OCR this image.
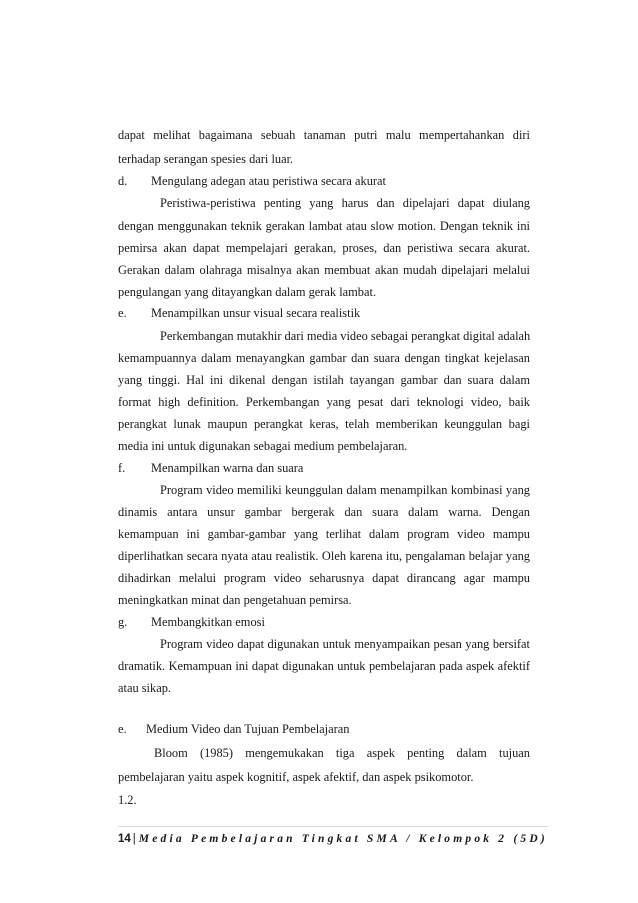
dapat melihat bagaimana sebuah tanaman putri malu mempertahankan diri
terhadap serangan spesies dari luar.
d. Mengulang adegan atau peristiwa secara akurat
Peristiwa-peristiwa penting yang harus dan dipelajari dapat diulang
dengan menggunakan teknik gerakan lambat atau slow motion. Dengan teknik ini
pemirsa akan dapat mempelajari gerakan, proses, dan peristiwa secara akurat.
Gerakan dalam olahraga misalnya akan membuat akan mudah dipelajari melalui
pengulangan yang ditayangkan dalam gerak lambat.
e. Menampilkan unsur visual secara realistik
Perkembangan mutakhir dari media video sebagai perangkat digital adalah
kemampuannya dalam menayangkan gambar dan suara dengan tingkat kejelasan
yang tinggi. Hal ini dikenal dengan istilah tayangan gambar dan suara dalam
format high definition. Perkembangan yang pesat dari teknologi video, baik
perangkat lunak maupun perangkat keras, telah memberikan keunggulan bagi
media ini untuk digunakan sebagai medium pembelajaran.
f. Menampilkan warna dan suara
Program video memiliki keunggulan dalam menampilkan kombinasi yang
dinamis antara unsur gambar bergerak dan suara dalam warna. Dengan
kemampuan ini gambar-gambar yang terlihat dalam program video mampu
diperlihatkan secara nyata atau realistik. Oleh karena itu, pengalaman belajar yang
dihadirkan melalui program video seharusnya dapat dirancang agar mampu
meningkatkan minat dan pengetahuan pemirsa.
g. Membangkitkan emosi
Program video dapat digunakan untuk menyampaikan pesan yang bersifat
dramatik. Kemampuan ini dapat digunakan untuk pembelajaran pada aspek afektif
atau sikap.
e. Medium Video dan Tujuan Pembelajaran
Bloom (1985) mengemukakan tiga aspek penting dalam tujuan
pembelajaran yaitu aspek kognitif, aspek afektif, dan aspek psikomotor.
1.2.
14 | Media Pembelajaran Tingkat SMA / Kelompok 2 (5D)
